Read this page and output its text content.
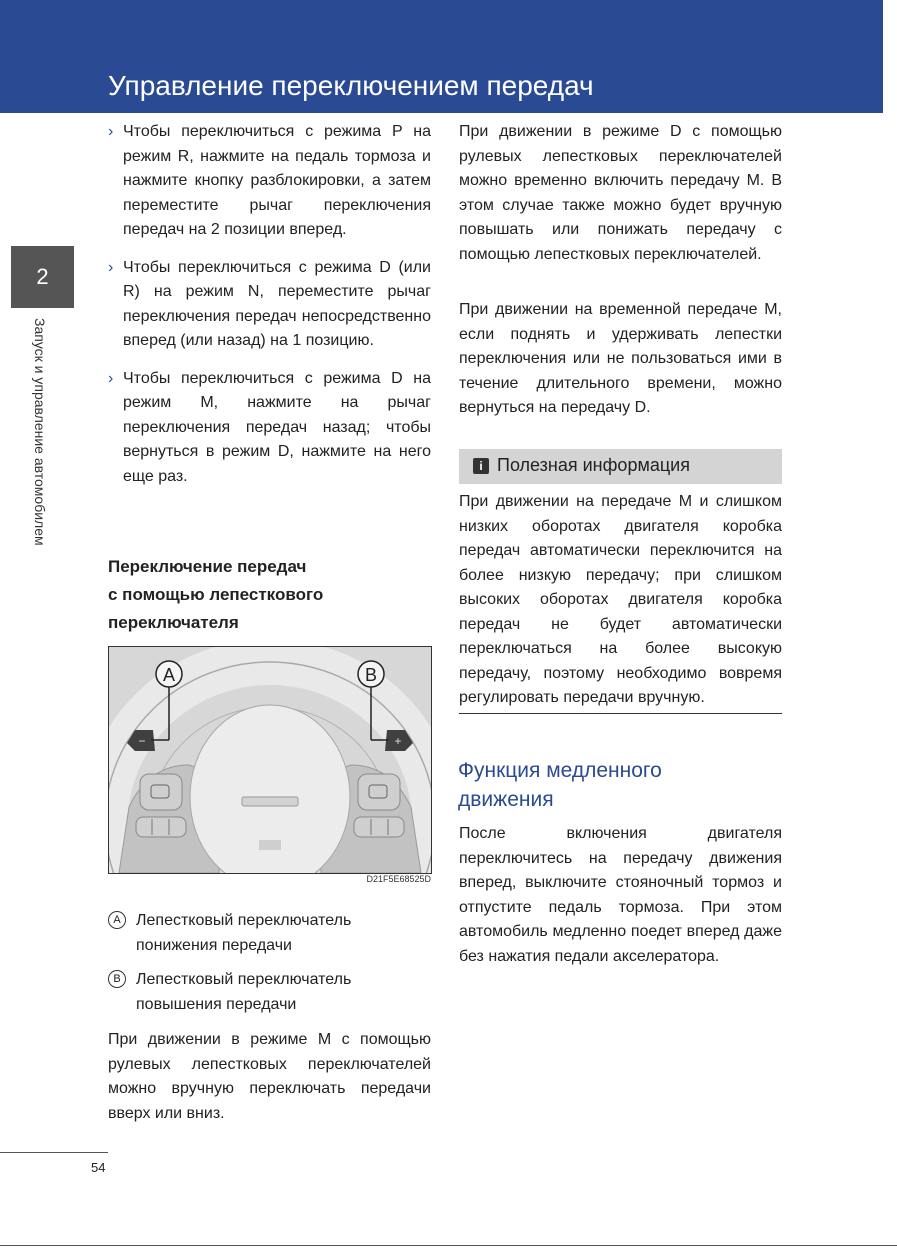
Управление переключением передач
2
Запуск и управление автомобилем
› Чтобы переключиться с режима P на режим R, нажмите на педаль тормоза и нажмите кнопку разблокировки, а затем переместите рычаг переключения передач на 2 позиции вперед.

› Чтобы переключиться с режима D (или R) на режим N, переместите рычаг переключения передач непосредственно вперед (или назад) на 1 позицию.

› Чтобы переключиться с режима D на режим M, нажмите на рычаг переключения передач назад; чтобы вернуться в режим D, нажмите на него еще раз.

Переключение передач
с помощью лепесткового
переключателя
A	B
−	+
D21F5E68525D
A Лепестковый переключатель
понижения передачи
B Лепестковый переключатель
повышения передачи
При движении в режиме M с помощью рулевых лепестковых переключателей можно вручную переключать передачи вверх или вниз.
При движении в режиме D с помощью рулевых лепестковых переключателей можно временно включить передачу M. В этом случае также можно будет вручную повышать или понижать передачу с помощью лепестковых переключателей.
При движении на временной передаче M, если поднять и удерживать лепестки переключения или не пользоваться ими в течение длительного времени, можно вернуться на передачу D.
i Полезная информация
При движении на передаче M и слишком низких оборотах двигателя коробка передач автоматически переключится на более низкую передачу; при слишком высоких оборотах двигателя коробка передач не будет автоматически переключаться на более высокую передачу, поэтому необходимо вовремя регулировать передачи вручную.
Функция медленного
движения
После включения двигателя переключитесь на передачу движения вперед, выключите стояночный тормоз и отпустите педаль тормоза. При этом автомобиль медленно поедет вперед даже без нажатия педали акселератора.
54
